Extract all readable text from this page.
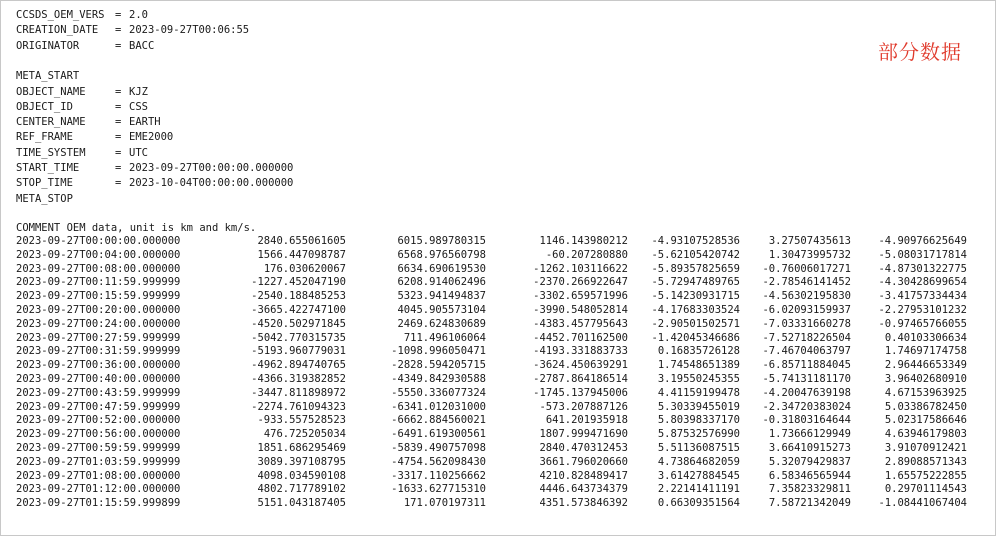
部分数据
CCSDS_OEM_VERS = 2.0
CREATION_DATE = 2023-09-27T00:06:55
ORIGINATOR	= BACC
META_START
OBJECT_NAME	= KJZ
OBJECT_ID	= CSS
CENTER_NAME	= EARTH
REF_FRAME	= EME2000
TIME_SYSTEM	= UTC
START_TIME	= 2023-09-27T00:00:00.000000
STOP_TIME	= 2023-10-04T00:00:00.000000
META_STOP
COMMENT OEM data, unit is km and km/s.
2023-09-27T00:00:00.000000	2840.655061605	6015.989780315	1146.143980212	-4.93107528536	3.27507435613	-4.90976625649
2023-09-27T00:04:00.000000	1566.447098787	6568.976560798	-60.207280880	-5.62105420742	1.30473995732	-5.08031717814
2023-09-27T00:08:00.000000	176.030620067	6634.690619530	-1262.103116622	-5.89357825659	-0.76006017271	-4.87301322775
2023-09-27T00:11:59.999999	-1227.452047190	6208.914062496	-2370.266922647	-5.72947489765	-2.78546141452	-4.30428699654
2023-09-27T00:15:59.999999	-2540.188485253	5323.941494837	-3302.659571996	-5.14230931715	-4.56302195830	-3.41757334434
2023-09-27T00:20:00.000000	-3665.422747100	4045.905573104	-3990.548052814	-4.17683303524	-6.02093159937	-2.27953101232
2023-09-27T00:24:00.000000	-4520.502971845	2469.624830689	-4383.457795643	-2.90501502571	-7.03331660278	-0.97465766055
2023-09-27T00:27:59.999999	-5042.770315735	711.496106064	-4452.701162500	-1.42045346686	-7.52718226504	0.40103306634
2023-09-27T00:31:59.999999	-5193.960779031	-1098.996050471	-4193.331883733	0.16835726128	-7.46704063797	1.74697174758
2023-09-27T00:36:00.000000	-4962.894740765	-2828.594205715	-3624.450639291	1.74548651389	-6.85711884045	2.96446653349
2023-09-27T00:40:00.000000	-4366.319382852	-4349.842930588	-2787.864186514	3.19550245355	-5.74131181170	3.96402680910
2023-09-27T00:43:59.999999	-3447.811898972	-5550.336077324	-1745.137945006	4.41159199478	-4.20047639198	4.67153963925
2023-09-27T00:47:59.999999	-2274.761094323	-6341.012031000	-573.207887126	5.30339455019	-2.34720383024	5.03386782450
2023-09-27T00:52:00.000000	-933.557528523	-6662.884560021	641.201935918	5.80398337170	-0.31803164644	5.02317586646
2023-09-27T00:56:00.000000	476.725205034	-6491.619300561	1807.999471690	5.87532576990	1.73666129949	4.63946179803
2023-09-27T00:59:59.999999	1851.686295469	-5839.490757098	2840.470312453	5.51136087515	3.66410915273	3.91070912421
2023-09-27T01:03:59.999999	3089.397108795	-4754.562098430	3661.796020660	4.73864682059	5.32079429837	2.89088571343
2023-09-27T01:08:00.000000	4098.034590108	-3317.110256662	4210.828489417	3.61427884545	6.58346565944	1.65575222855
2023-09-27T01:12:00.000000	4802.717789102	-1633.627715310	4446.643734379	2.22141411191	7.35823329811	0.29701114543
2023-09-27T01:15:59.999899	5151.043187405	171.070197311	4351.573846392	0.66309351564	7.58721342049	-1.08441067404
